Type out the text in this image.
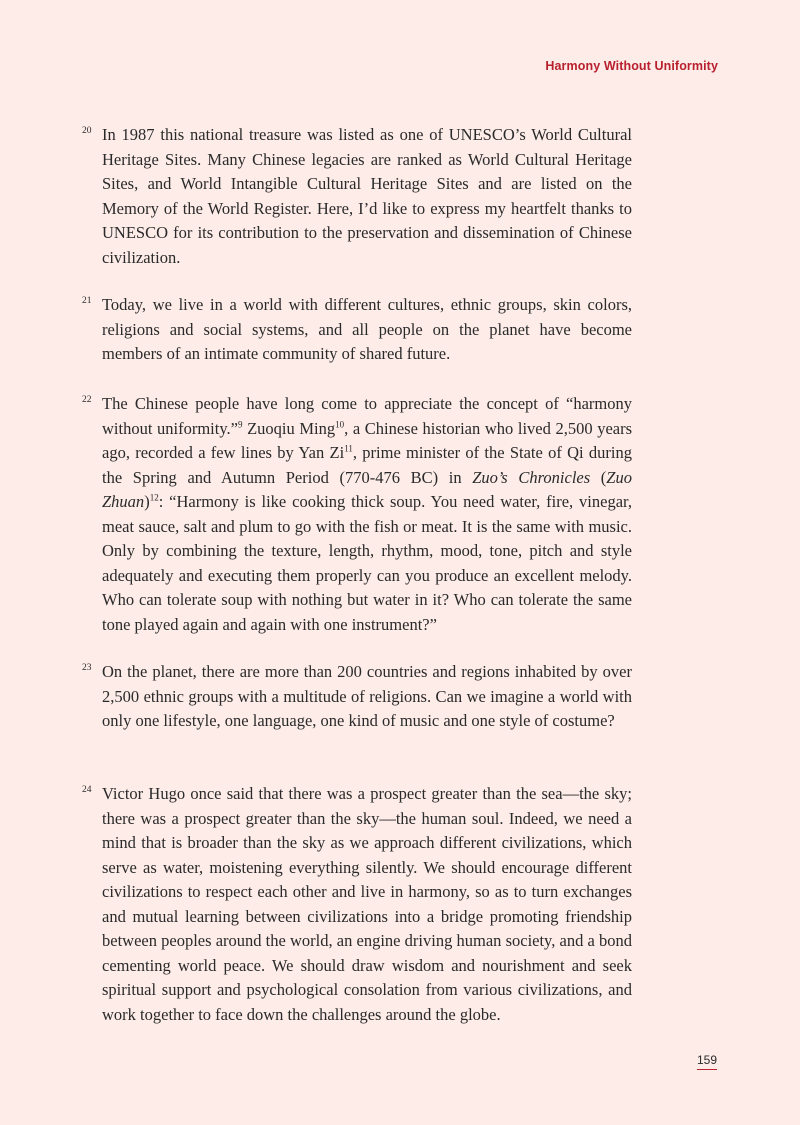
Harmony Without Uniformity
20 In 1987 this national treasure was listed as one of UNESCO’s World Cultural Heritage Sites. Many Chinese legacies are ranked as World Cultural Heritage Sites, and World Intangible Cultural Heritage Sites and are listed on the Memory of the World Register. Here, I’d like to express my heartfelt thanks to UNESCO for its contribution to the preservation and dissemination of Chinese civilization.
21 Today, we live in a world with different cultures, ethnic groups, skin colors, religions and social systems, and all people on the planet have become members of an intimate community of shared future.
22 The Chinese people have long come to appreciate the concept of “harmony without uniformity.”$^9$ Zuoqiu Ming$^{10}$, a Chinese historian who lived 2,500 years ago, recorded a few lines by Yan Zi$^{11}$, prime minister of the State of Qi during the Spring and Autumn Period (770-476 BC) in Zuo’s Chronicles (Zuo Zhuan)$^{12}$: “Harmony is like cooking thick soup. You need water, fire, vinegar, meat sauce, salt and plum to go with the fish or meat. It is the same with music. Only by combining the texture, length, rhythm, mood, tone, pitch and style adequately and executing them properly can you produce an excellent melody. Who can tolerate soup with nothing but water in it? Who can tolerate the same tone played again and again with one instrument?”
23 On the planet, there are more than 200 countries and regions inhabited by over 2,500 ethnic groups with a multitude of religions. Can we imagine a world with only one lifestyle, one language, one kind of music and one style of costume?
24 Victor Hugo once said that there was a prospect greater than the sea—the sky; there was a prospect greater than the sky—the human soul. Indeed, we need a mind that is broader than the sky as we approach different civilizations, which serve as water, moistening everything silently. We should encourage different civilizations to respect each other and live in harmony, so as to turn exchanges and mutual learning between civilizations into a bridge promoting friendship between peoples around the world, an engine driving human society, and a bond cementing world peace. We should draw wisdom and nourishment and seek spiritual support and psychological consolation from various civilizations, and work together to face down the challenges around the globe.
159
